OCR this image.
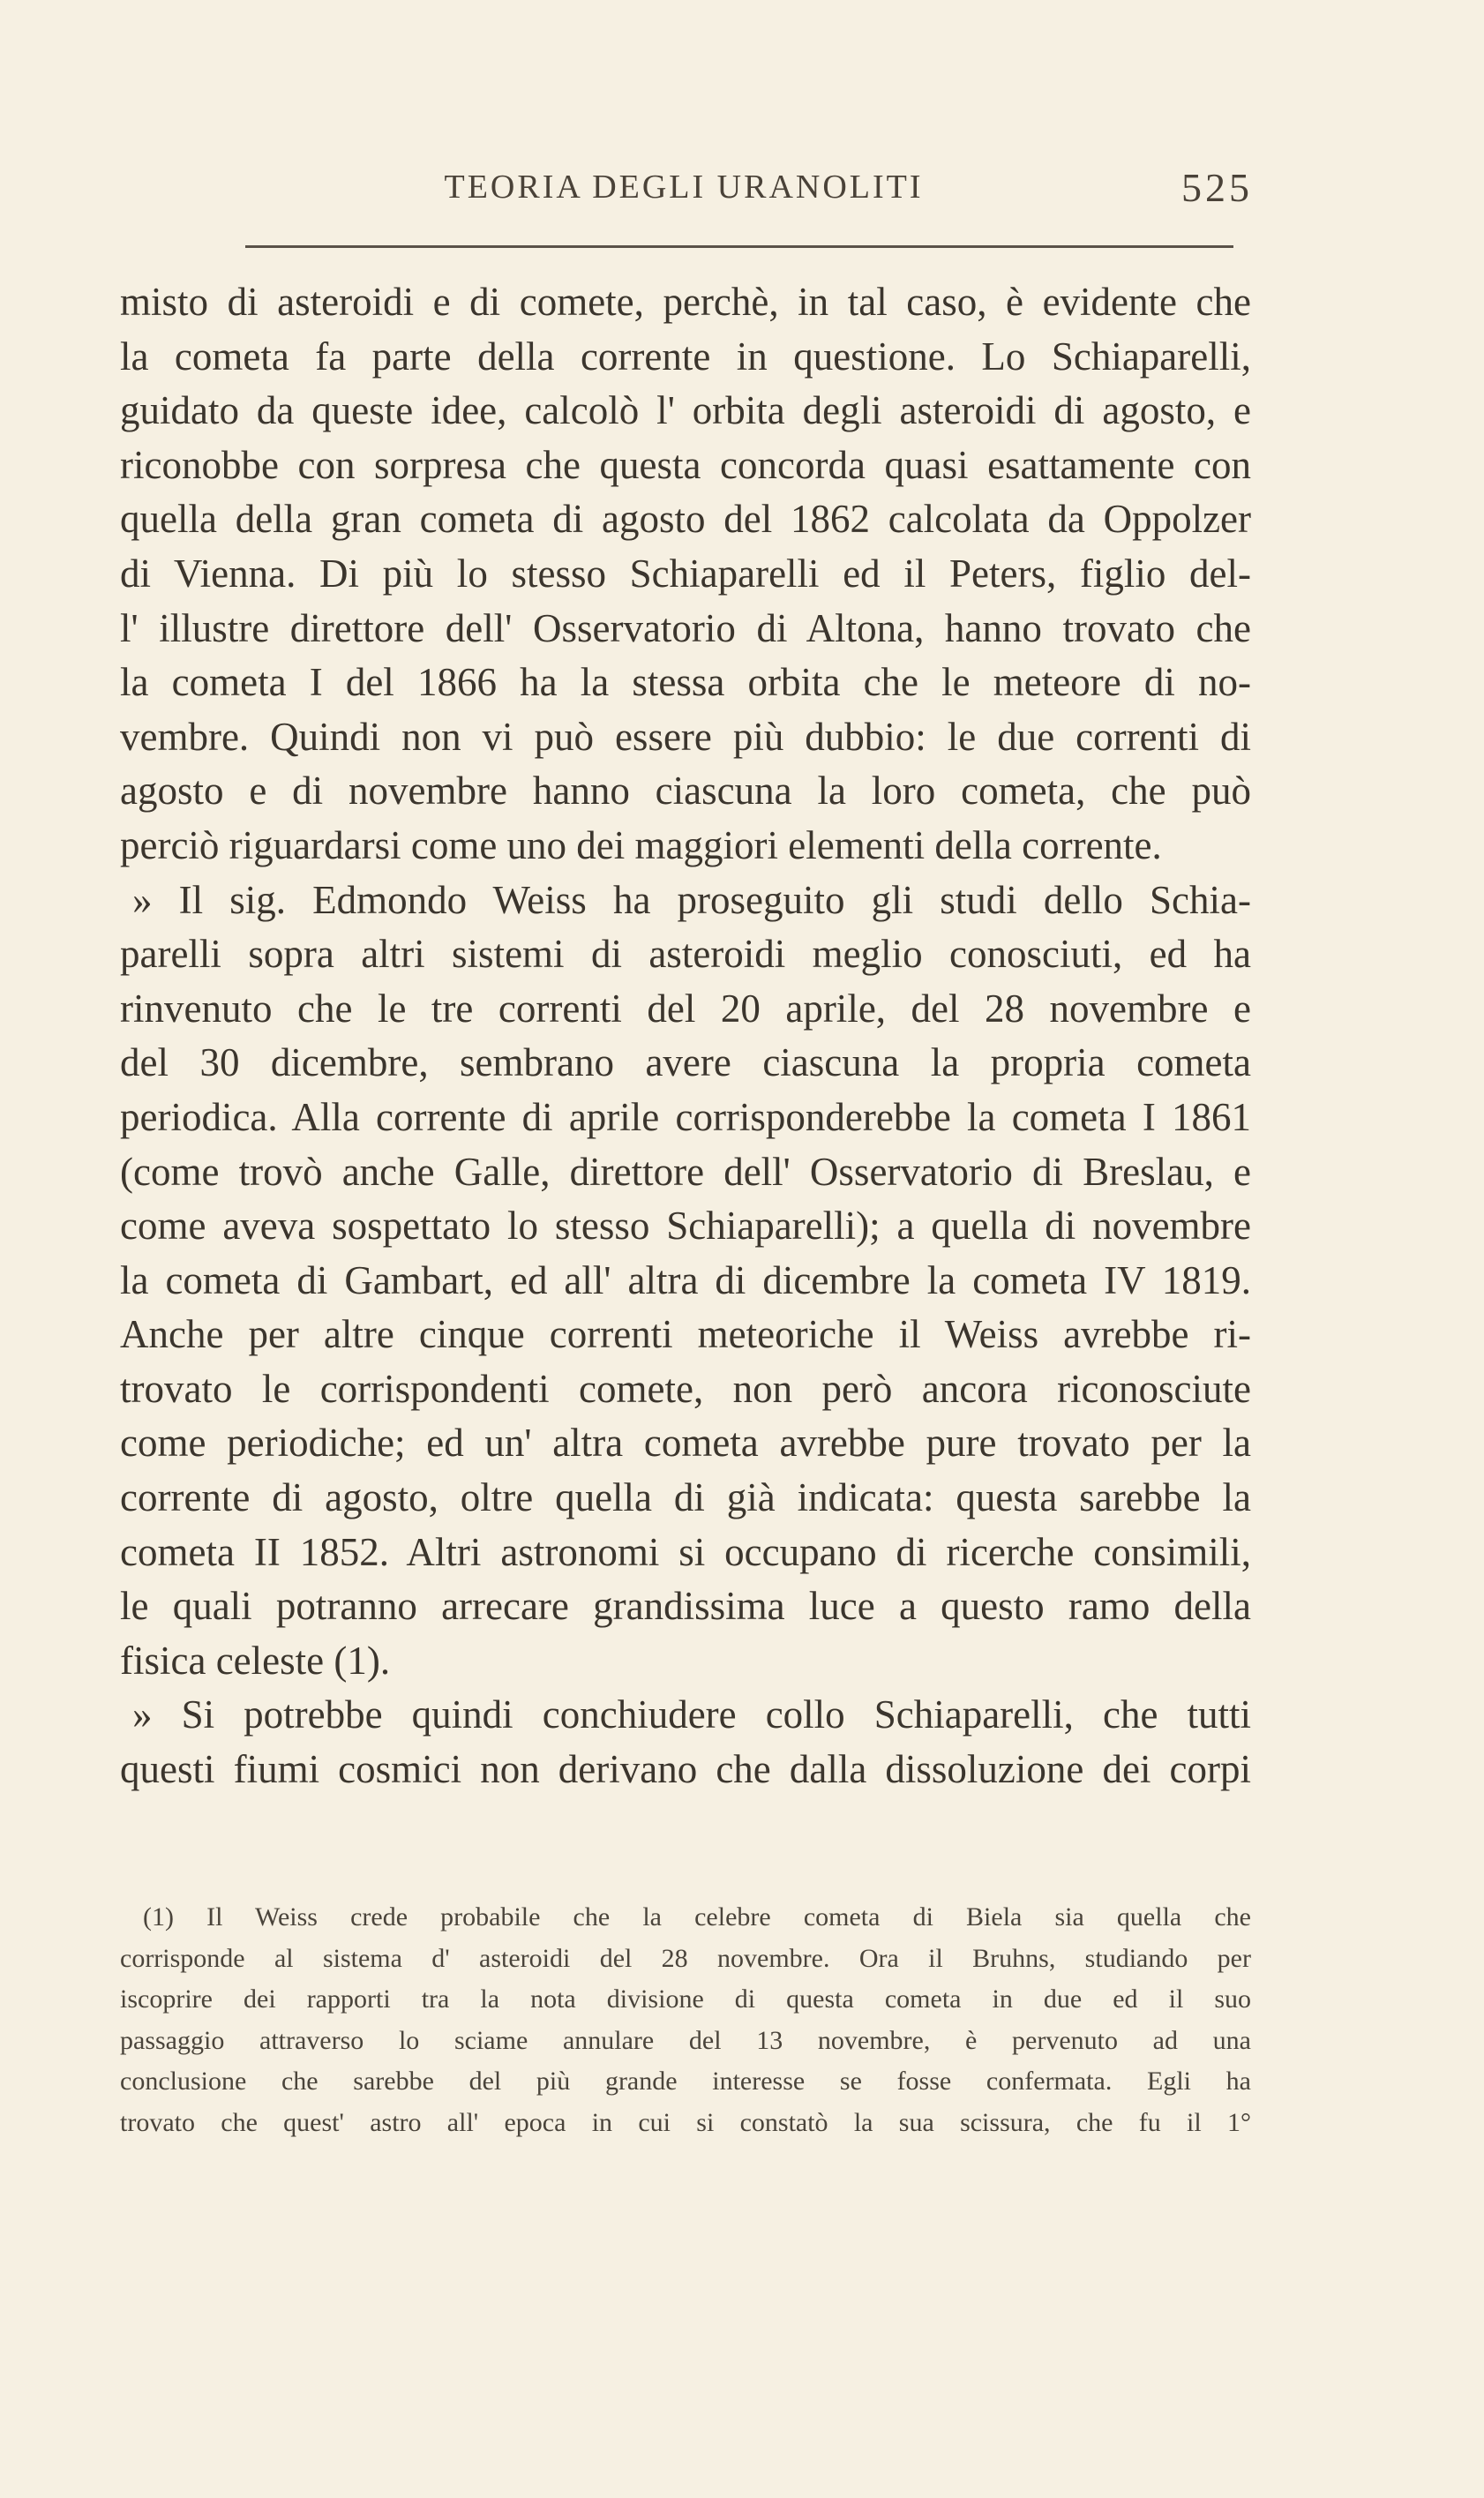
TEORIA DEGLI URANOLITI	525
misto di asteroidi e di comete, perchè, in tal caso, è evidente che
la cometa fa parte della corrente in questione. Lo Schiaparelli,
guidato da queste idee, calcolò l' orbita degli asteroidi di agosto, e
riconobbe con sorpresa che questa concorda quasi esattamente con
quella della gran cometa di agosto del 1862 calcolata da Oppolzer
di Vienna. Di più lo stesso Schiaparelli ed il Peters, figlio del-
l' illustre direttore dell' Osservatorio di Altona, hanno trovato che
la cometa I del 1866 ha la stessa orbita che le meteore di no-
vembre. Quindi non vi può essere più dubbio: le due correnti di
agosto e di novembre hanno ciascuna la loro cometa, che può
perciò riguardarsi come uno dei maggiori elementi della corrente.
» Il sig. Edmondo Weiss ha proseguito gli studi dello Schia-
parelli sopra altri sistemi di asteroidi meglio conosciuti, ed ha
rinvenuto che le tre correnti del 20 aprile, del 28 novembre e
del 30 dicembre, sembrano avere ciascuna la propria cometa
periodica. Alla corrente di aprile corrisponderebbe la cometa I 1861
(come trovò anche Galle, direttore dell' Osservatorio di Breslau, e
come aveva sospettato lo stesso Schiaparelli); a quella di novembre
la cometa di Gambart, ed all' altra di dicembre la cometa IV 1819.
Anche per altre cinque correnti meteoriche il Weiss avrebbe ri-
trovato le corrispondenti comete, non però ancora riconosciute
come periodiche; ed un' altra cometa avrebbe pure trovato per la
corrente di agosto, oltre quella di già indicata: questa sarebbe la
cometa II 1852. Altri astronomi si occupano di ricerche consimili,
le quali potranno arrecare grandissima luce a questo ramo della
fisica celeste (1).
» Si potrebbe quindi conchiudere collo Schiaparelli, che tutti
questi fiumi cosmici non derivano che dalla dissoluzione dei corpi
(1) Il Weiss crede probabile che la celebre cometa di Biela sia quella che
corrisponde al sistema d' asteroidi del 28 novembre. Ora il Bruhns, studiando per
iscoprire dei rapporti tra la nota divisione di questa cometa in due ed il suo
passaggio attraverso lo sciame annulare del 13 novembre, è pervenuto ad una
conclusione che sarebbe del più grande interesse se fosse confermata. Egli ha
trovato che quest' astro all' epoca in cui si constatò la sua scissura, che fu il 1°
